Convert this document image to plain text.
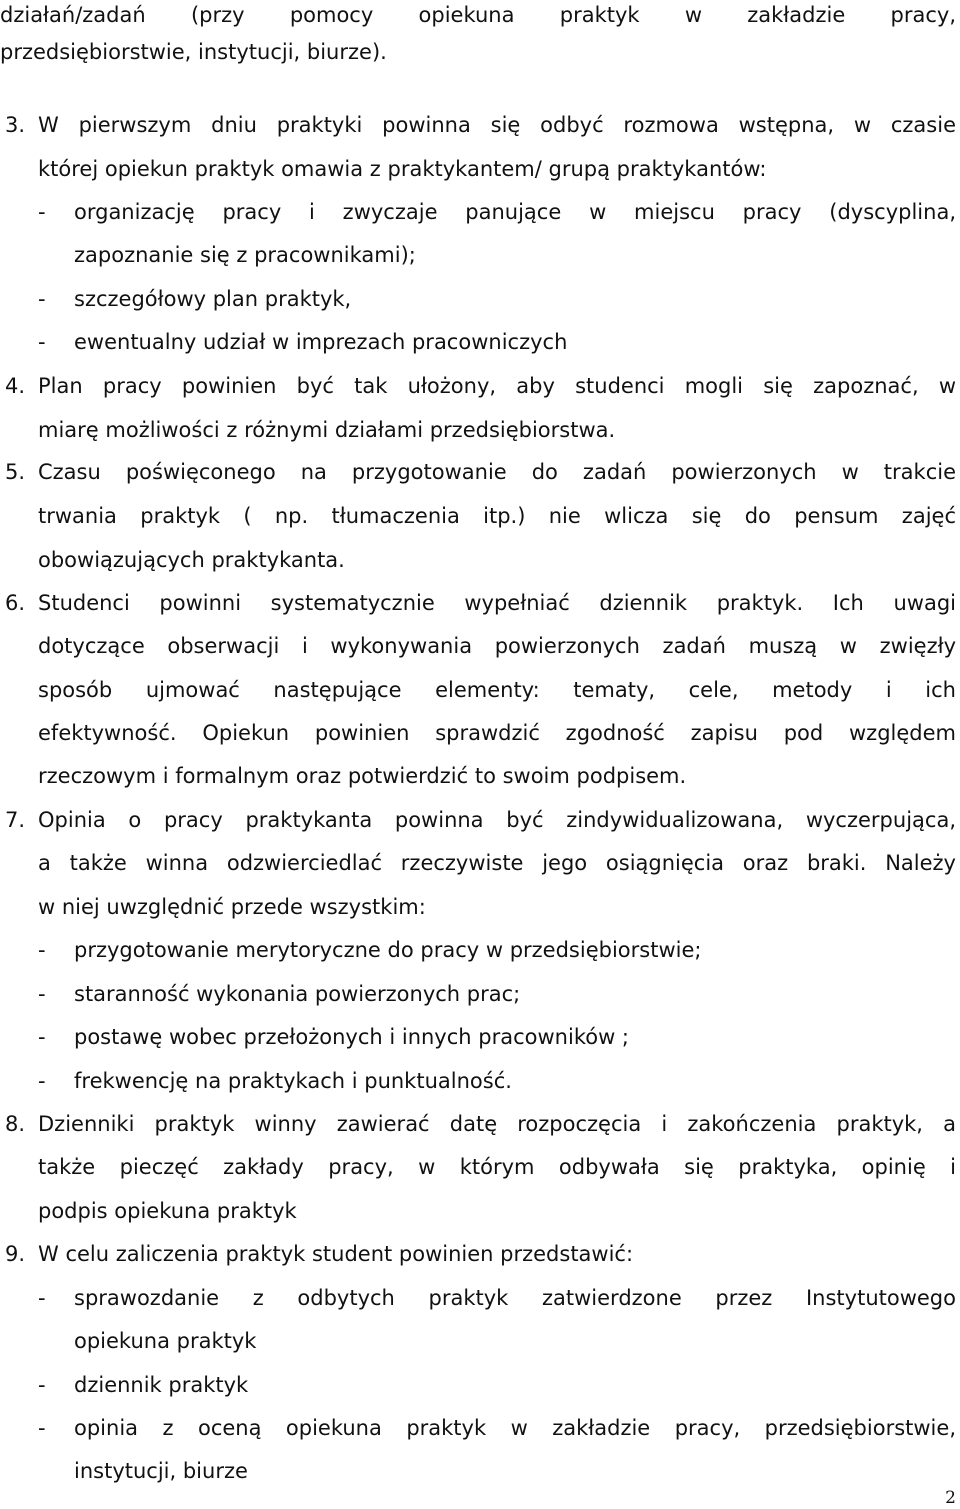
działań/zadań (przy pomocy opiekuna praktyk w zakładzie pracy,
przedsiębiorstwie, instytucji, biurze).
3. W pierwszym dniu praktyki powinna się odbyć rozmowa wstępna, w czasie
której opiekun praktyk omawia z praktykantem/ grupą praktykantów:
- organizację pracy i zwyczaje panujące w miejscu pracy (dyscyplina,
zapoznanie się z pracownikami);
- szczegółowy plan praktyk,
- ewentualny udział w imprezach pracowniczych
4. Plan pracy powinien być tak ułożony, aby studenci mogli się zapoznać, w
miarę możliwości z różnymi działami przedsiębiorstwa.
5. Czasu poświęconego na przygotowanie do zadań powierzonych w trakcie
trwania praktyk ( np. tłumaczenia itp.) nie wlicza się do pensum zajęć
obowiązujących praktykanta.
6. Studenci powinni systematycznie wypełniać dziennik praktyk. Ich uwagi
dotyczące obserwacji i wykonywania powierzonych zadań muszą w zwięzły
sposób ujmować następujące elementy: tematy, cele, metody i ich
efektywność. Opiekun powinien sprawdzić zgodność zapisu pod względem
rzeczowym i formalnym oraz potwierdzić to swoim podpisem.
7. Opinia o pracy praktykanta powinna być zindywidualizowana, wyczerpująca,
a także winna odzwierciedlać rzeczywiste jego osiągnięcia oraz braki. Należy
w niej uwzględnić przede wszystkim:
- przygotowanie merytoryczne do pracy w przedsiębiorstwie;
- staranność wykonania powierzonych prac;
- postawę wobec przełożonych i innych pracowników ;
- frekwencję na praktykach i punktualność.
8. Dzienniki praktyk winny zawierać datę rozpoczęcia i zakończenia praktyk, a
także pieczęć zakłady pracy, w którym odbywała się praktyka, opinię i
podpis opiekuna praktyk
9. W celu zaliczenia praktyk student powinien przedstawić:
- sprawozdanie z odbytych praktyk zatwierdzone przez Instytutowego
opiekuna praktyk
- dziennik praktyk
- opinia z oceną opiekuna praktyk w zakładzie pracy, przedsiębiorstwie,
instytucji, biurze
2
